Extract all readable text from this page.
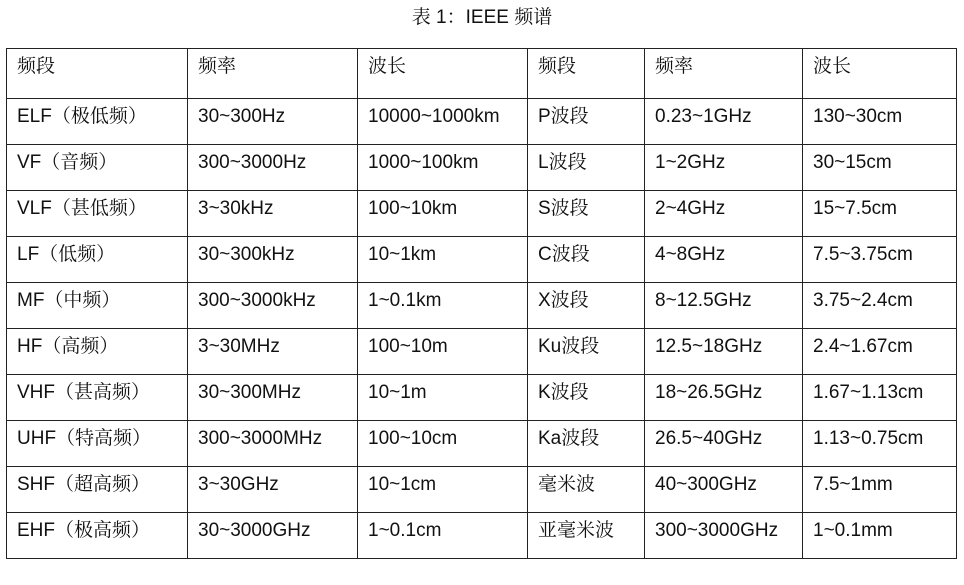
表 1：IEEE 频谱
频段	频率	波长	频段	频率	波长
ELF（极低频）	30~300Hz	10000~1000km	P波段	0.23~1GHz	130~30cm
VF（音频）	300~3000Hz	1000~100km	L波段	1~2GHz	30~15cm
VLF（甚低频）	3~30kHz	100~10km	S波段	2~4GHz	15~7.5cm
LF（低频）	30~300kHz	10~1km	C波段	4~8GHz	7.5~3.75cm
MF（中频）	300~3000kHz	1~0.1km	X波段	8~12.5GHz	3.75~2.4cm
HF（高频）	3~30MHz	100~10m	Ku波段	12.5~18GHz	2.4~1.67cm
VHF（甚高频）	30~300MHz	10~1m	K波段	18~26.5GHz	1.67~1.13cm
UHF（特高频）	300~3000MHz	100~10cm	Ka波段	26.5~40GHz	1.13~0.75cm
SHF（超高频）	3~30GHz	10~1cm	毫米波	40~300GHz	7.5~1mm
EHF（极高频）	30~3000GHz	1~0.1cm	亚毫米波	300~3000GHz	1~0.1mm
